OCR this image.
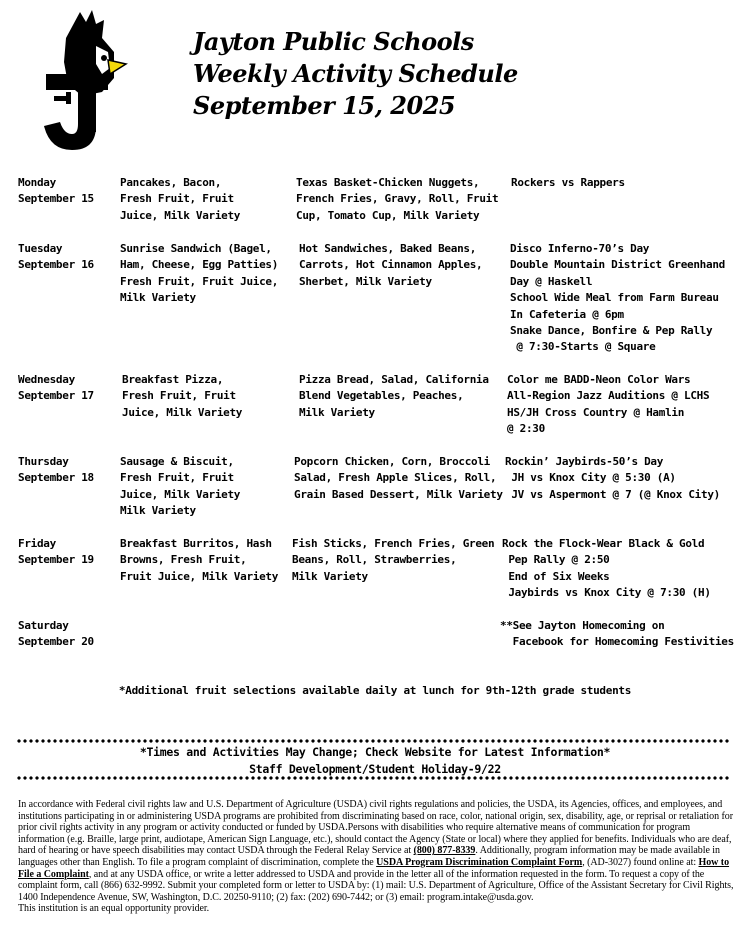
Jayton Public Schools
Weekly Activity Schedule
September 15, 2025
Monday
September 15
Pancakes, Bacon,
Fresh Fruit, Fruit
Juice, Milk Variety
Texas Basket-Chicken Nuggets,
French Fries, Gravy, Roll, Fruit
Cup, Tomato Cup, Milk Variety
Rockers vs Rappers
Tuesday
September 16
Sunrise Sandwich (Bagel,
Ham, Cheese, Egg Patties)
Fresh Fruit, Fruit Juice,
Milk Variety
Hot Sandwiches, Baked Beans,
Carrots, Hot Cinnamon Apples,
Sherbet, Milk Variety
Disco Inferno-70’s Day
Double Mountain District Greenhand
Day @ Haskell
School Wide Meal from Farm Bureau
In Cafeteria @ 6pm
Snake Dance, Bonfire & Pep Rally
@ 7:30-Starts @ Square
Wednesday
September 17
Breakfast Pizza,
Fresh Fruit, Fruit
Juice, Milk Variety
Pizza Bread, Salad, California
Blend Vegetables, Peaches,
Milk Variety
Color me BADD-Neon Color Wars
All-Region Jazz Auditions @ LCHS
HS/JH Cross Country @ Hamlin
@ 2:30
Thursday
September 18
Sausage & Biscuit,
Fresh Fruit, Fruit
Juice, Milk Variety
Milk Variety
Popcorn Chicken, Corn, Broccoli
Salad, Fresh Apple Slices, Roll,
Grain Based Dessert, Milk Variety
Rockin’ Jaybirds-50’s Day
JH vs Knox City @ 5:30 (A)
JV vs Aspermont @ 7 (@ Knox City)
Friday
September 19
Breakfast Burritos, Hash
Browns, Fresh Fruit,
Fruit Juice, Milk Variety
Fish Sticks, French Fries, Green
Beans, Roll, Strawberries,
Milk Variety
Rock the Flock-Wear Black & Gold
Pep Rally @ 2:50
End of Six Weeks
Jaybirds vs Knox City @ 7:30 (H)
Saturday
September 20
**See Jayton Homecoming on
Facebook for Homecoming Festivities
*Additional fruit selections available daily at lunch for 9th-12th grade students
*Times and Activities May Change; Check Website for Latest Information*
Staff Development/Student Holiday-9/22
In accordance with Federal civil rights law and U.S. Department of Agriculture (USDA) civil rights regulations and policies, the USDA, its Agencies, offices, and employees, and institutions participating in or administering USDA programs are prohibited from discriminating based on race, color, national origin, sex, disability, age, or reprisal or retaliation for prior civil rights activity in any program or activity conducted or funded by USDA.Persons with disabilities who require alternative means of communication for program information (e.g. Braille, large print, audiotape, American Sign Language, etc.), should contact the Agency (State or local) where they applied for benefits. Individuals who are deaf, hard of hearing or have speech disabilities may contact USDA through the Federal Relay Service at (800) 877-8339. Additionally, program information may be made available in languages other than English. To file a program complaint of discrimination, complete the USDA Program Discrimination Complaint Form, (AD-3027) found online at: How to File a Complaint, and at any USDA office, or write a letter addressed to USDA and provide in the letter all of the information requested in the form. To request a copy of the complaint form, call (866) 632-9992. Submit your completed form or letter to USDA by: (1) mail: U.S. Department of Agriculture, Office of the Assistant Secretary for Civil Rights, 1400 Independence Avenue, SW, Washington, D.C. 20250-9110; (2) fax: (202) 690-7442; or (3) email: program.intake@usda.gov.
This institution is an equal opportunity provider.
